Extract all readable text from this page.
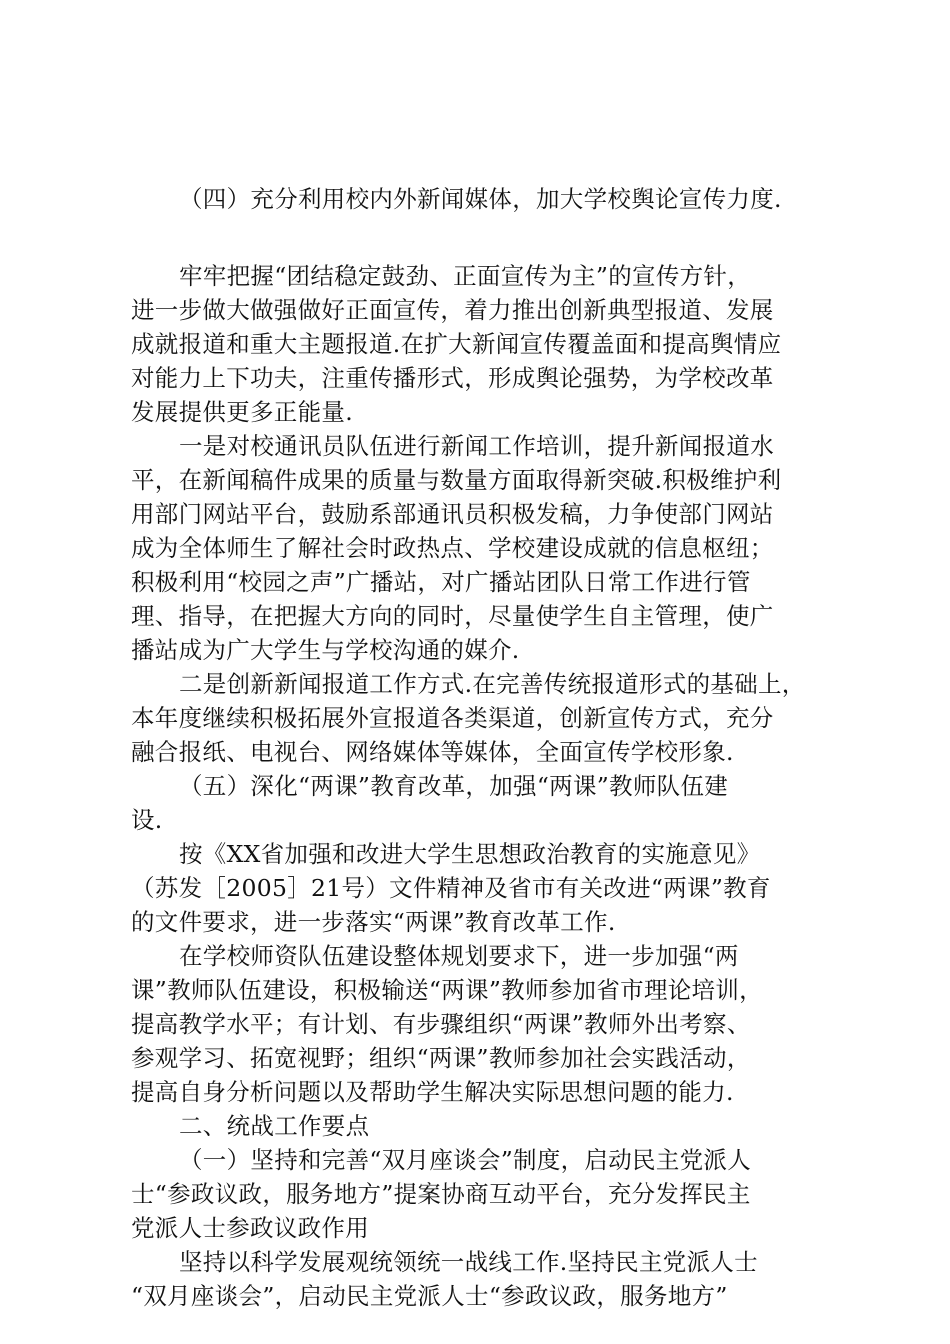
（四）充分利用校内外新闻媒体，加大学校舆论宣传力度.
牢牢把握“团结稳定鼓劲、正面宣传为主”的宣传方针，
进一步做大做强做好正面宣传，着力推出创新典型报道、发展
成就报道和重大主题报道.在扩大新闻宣传覆盖面和提高舆情应
对能力上下功夫，注重传播形式，形成舆论强势，为学校改革
发展提供更多正能量.
一是对校通讯员队伍进行新闻工作培训，提升新闻报道水
平，在新闻稿件成果的质量与数量方面取得新突破.积极维护利
用部门网站平台，鼓励系部通讯员积极发稿，力争使部门网站
成为全体师生了解社会时政热点、学校建设成就的信息枢纽；
积极利用“校园之声”广播站，对广播站团队日常工作进行管
理、指导，在把握大方向的同时，尽量使学生自主管理，使广
播站成为广大学生与学校沟通的媒介.
二是创新新闻报道工作方式.在完善传统报道形式的基础上，
本年度继续积极拓展外宣报道各类渠道，创新宣传方式，充分
融合报纸、电视台、网络媒体等媒体，全面宣传学校形象.
（五）深化“两课”教育改革，加强“两课”教师队伍建
设.
按《XX省加强和改进大学生思想政治教育的实施意见》
（苏发［2005］21号）文件精神及省市有关改进“两课”教育
的文件要求，进一步落实“两课”教育改革工作.
在学校师资队伍建设整体规划要求下，进一步加强“两
课”教师队伍建设，积极输送“两课”教师参加省市理论培训，
提高教学水平；有计划、有步骤组织“两课”教师外出考察、
参观学习、拓宽视野；组织“两课”教师参加社会实践活动，
提高自身分析问题以及帮助学生解决实际思想问题的能力.
二、统战工作要点
（一）坚持和完善“双月座谈会”制度，启动民主党派人
士“参政议政，服务地方”提案协商互动平台，充分发挥民主
党派人士参政议政作用
坚持以科学发展观统领统一战线工作.坚持民主党派人士
“双月座谈会”，启动民主党派人士“参政议政，服务地方”
